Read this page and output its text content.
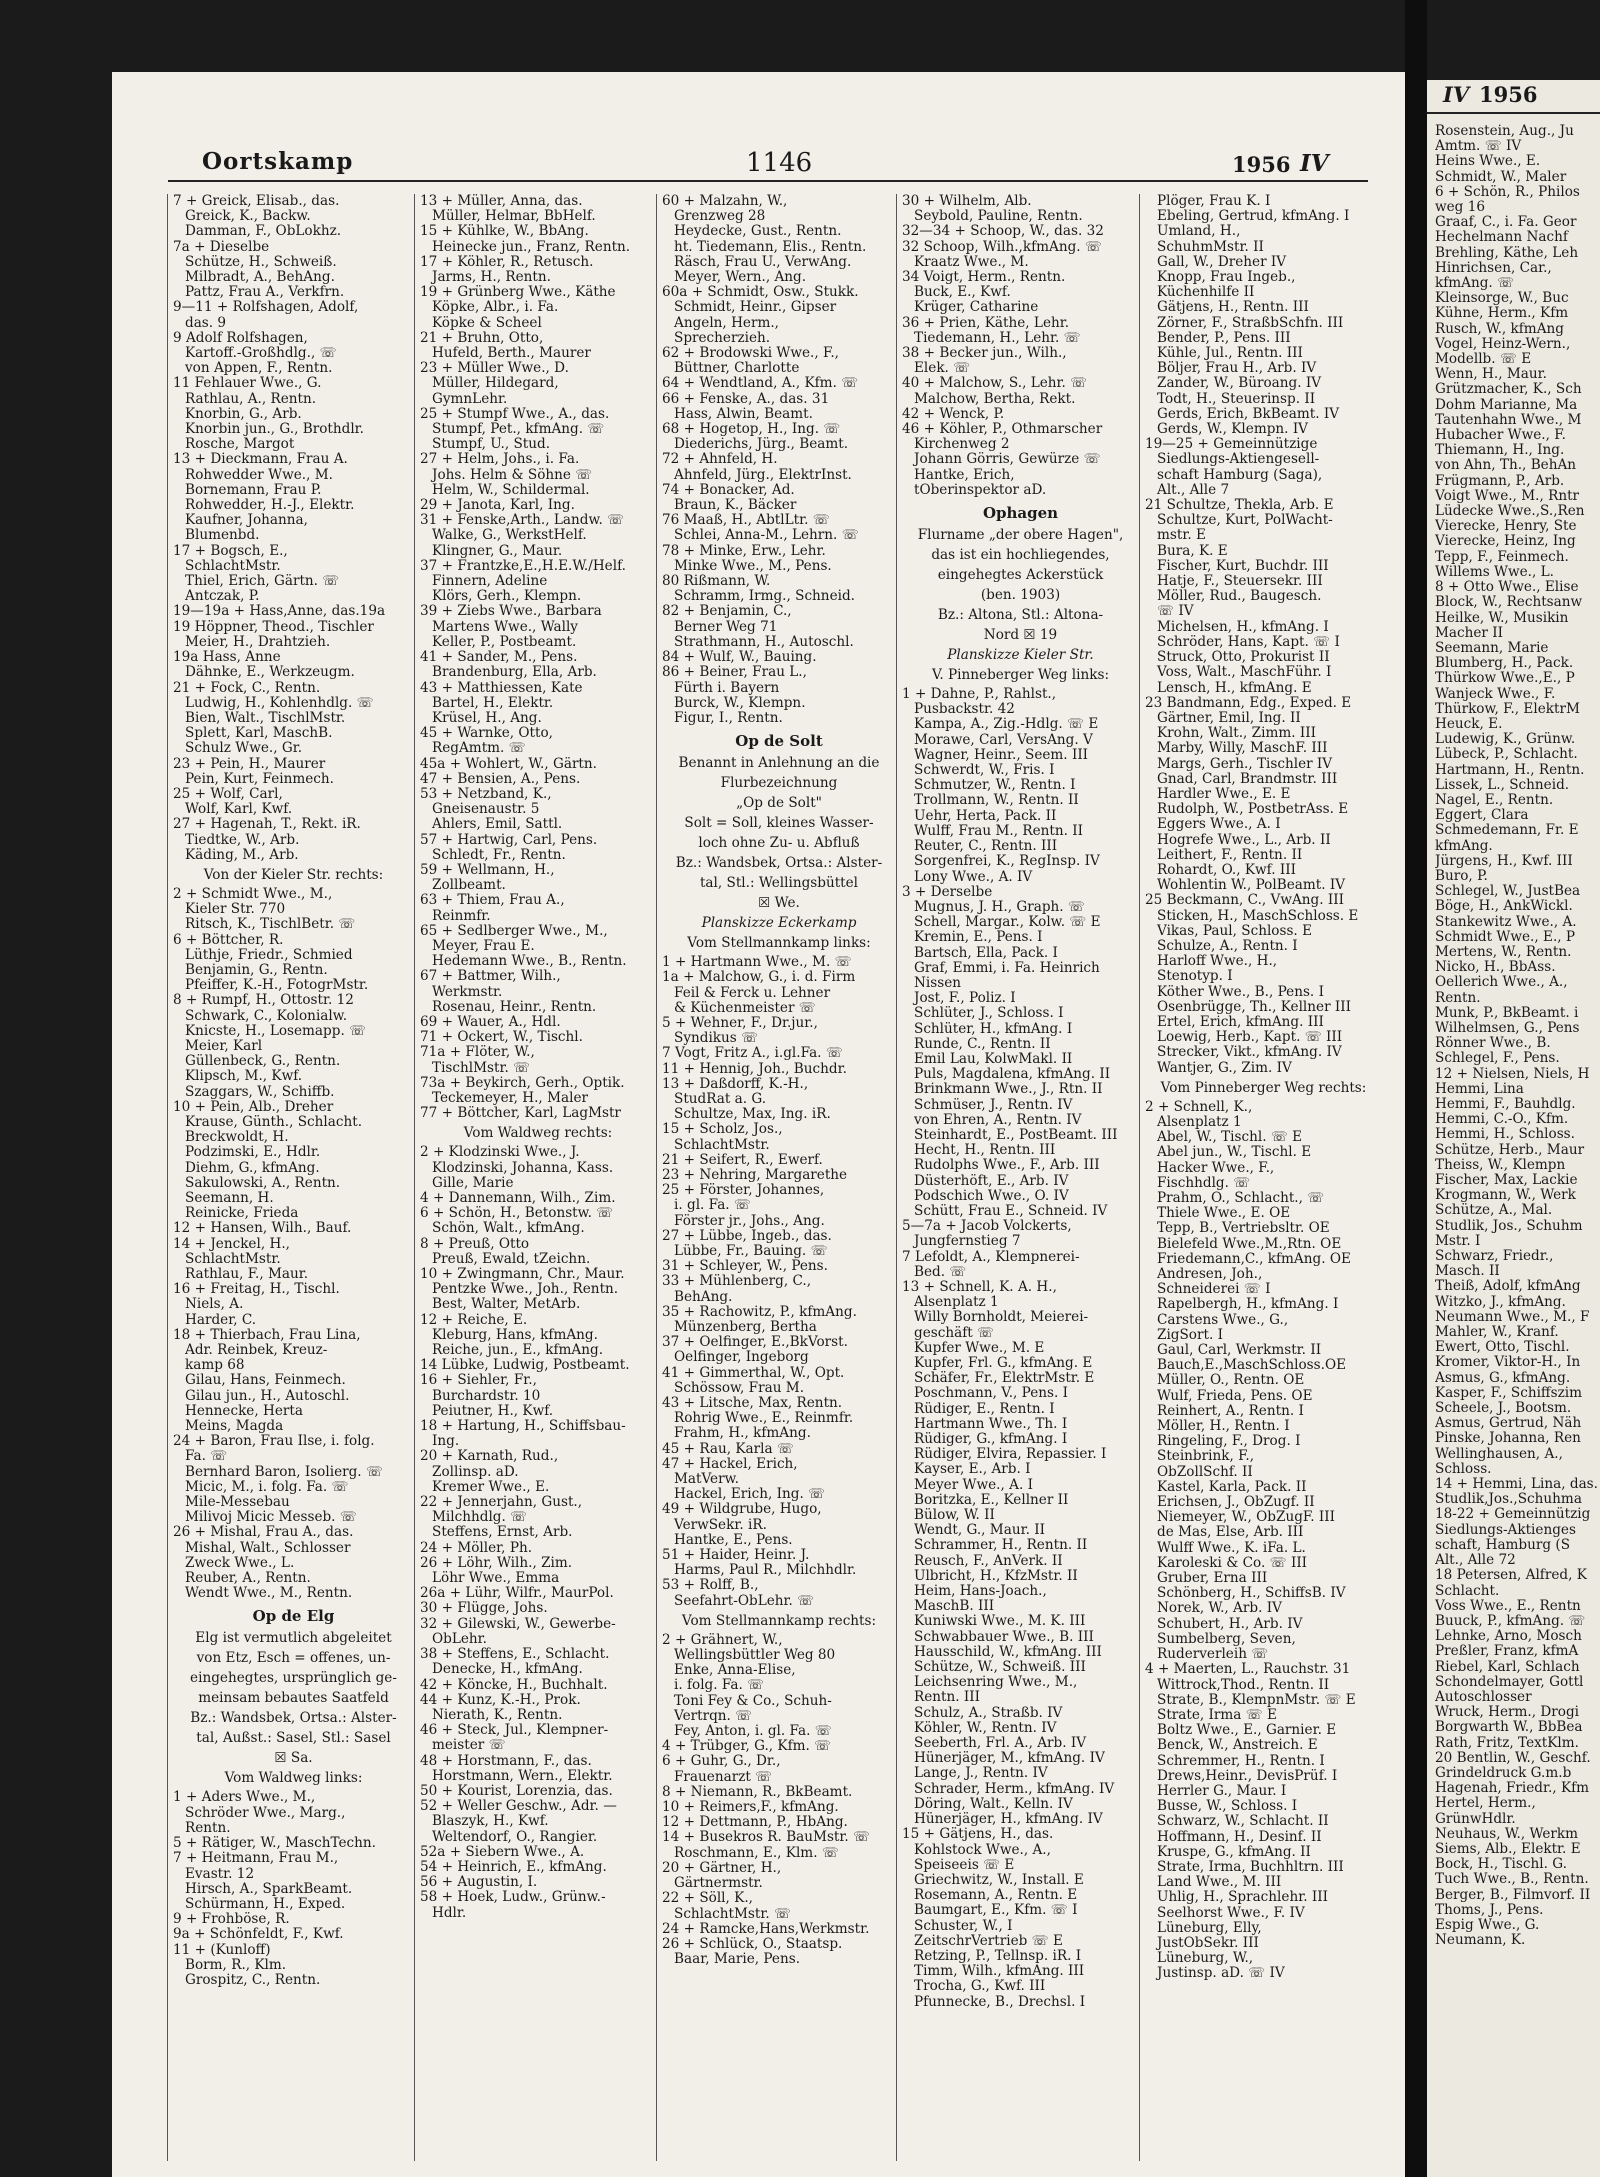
Oortskamp	1146	1956 IV
7 + Greick, Elisab., das.
Greick, K., Backw.
Damman, F., ObLokhz.
7a + Dieselbe
Schütze, H., Schweiß.
Milbradt, A., BehAng.
Pattz, Frau A., Verkfrn.
9—11 + Rolfshagen, Adolf,
das. 9
9 Adolf Rolfshagen,
Kartoff.-Großhdlg., ☏
von Appen, F., Rentn.
11 Fehlauer Wwe., G.
Rathlau, A., Rentn.
Knorbin, G., Arb.
Knorbin jun., G., Brothdlr.
Rosche, Margot
13 + Dieckmann, Frau A.
Rohwedder Wwe., M.
Bornemann, Frau P.
Rohwedder, H.-J., Elektr.
Kaufner, Johanna,
Blumenbd.
17 + Bogsch, E.,
SchlachtMstr.
Thiel, Erich, Gärtn. ☏
Antczak, P.
19—19a + Hass,Anne, das.19a
19 Höppner, Theod., Tischler
Meier, H., Drahtzieh.
19a Hass, Anne
Dähnke, E., Werkzeugm.
21 + Fock, C., Rentn.
Ludwig, H., Kohlenhdlg. ☏
Bien, Walt., TischlMstr.
Splett, Karl, MaschB.
Schulz Wwe., Gr.
23 + Pein, H., Maurer
Pein, Kurt, Feinmech.
25 + Wolf, Carl,
Wolf, Karl, Kwf.
27 + Hagenah, T., Rekt. iR.
Tiedtke, W., Arb.
Käding, M., Arb.
Von der Kieler Str. rechts:
2 + Schmidt Wwe., M.,
Kieler Str. 770
Ritsch, K., TischlBetr. ☏
6 + Böttcher, R.
Lüthje, Friedr., Schmied
Benjamin, G., Rentn.
Pfeiffer, K.-H., FotogrMstr.
8 + Rumpf, H., Ottostr. 12
Schwark, C., Kolonialw.
Knicste, H., Losemapp. ☏
Meier, Karl
Güllenbeck, G., Rentn.
Klipsch, M., Kwf.
Szaggars, W., Schiffb.
10 + Pein, Alb., Dreher
Krause, Günth., Schlacht.
Breckwoldt, H.
Podzimski, E., Hdlr.
Diehm, G., kfmAng.
Sakulowski, A., Rentn.
Seemann, H.
Reinicke, Frieda
12 + Hansen, Wilh., Bauf.
14 + Jenckel, H.,
SchlachtMstr.
Rathlau, F., Maur.
16 + Freitag, H., Tischl.
Niels, A.
Harder, C.
18 + Thierbach, Frau Lina,
Adr. Reinbek, Kreuz-
kamp 68
Gilau, Hans, Feinmech.
Gilau jun., H., Autoschl.
Hennecke, Herta
Meins, Magda
24 + Baron, Frau Ilse, i. folg.
Fa. ☏
Bernhard Baron, Isolierg. ☏
Micic, M., i. folg. Fa. ☏
Mile-Messebau
Milivoj Micic Messeb. ☏
26 + Mishal, Frau A., das.
Mishal, Walt., Schlosser
Zweck Wwe., L.
Reuber, A., Rentn.
Wendt Wwe., M., Rentn.
Op de Elg
Elg ist vermutlich abgeleitet
von Etz, Esch = offenes, un-
eingehegtes, ursprünglich ge-
meinsam bebautes Saatfeld
Bz.: Wandsbek, Ortsa.: Alster-
tal, Außst.: Sasel, Stl.: Sasel
☒ Sa.
Vom Waldweg links:
1 + Aders Wwe., M.,
Schröder Wwe., Marg.,
Rentn.
5 + Rätiger, W., MaschTechn.
7 + Heitmann, Frau M.,
Evastr. 12
Hirsch, A., SparkBeamt.
Schürmann, H., Exped.
9 + Frohböse, R.
9a + Schönfeldt, F., Kwf.
11 + (Kunloff)
Borm, R., Klm.
Grospitz, C., Rentn.
13 + Müller, Anna, das.
Müller, Helmar, BbHelf.
15 + Kühlke, W., BbAng.
Heinecke jun., Franz, Rentn.
17 + Köhler, R., Retusch.
Jarms, H., Rentn.
19 + Grünberg Wwe., Käthe
Köpke, Albr., i. Fa.
Köpke & Scheel
21 + Bruhn, Otto,
Hufeld, Berth., Maurer
23 + Müller Wwe., D.
Müller, Hildegard,
GymnLehr.
25 + Stumpf Wwe., A., das.
Stumpf, Pet., kfmAng. ☏
Stumpf, U., Stud.
27 + Helm, Johs., i. Fa.
Johs. Helm & Söhne ☏
Helm, W., Schildermal.
29 + Janota, Karl, Ing.
31 + Fenske,Arth., Landw. ☏
Walke, G., WerkstHelf.
Klingner, G., Maur.
37 + Frantzke,E.,H.E.W./Helf.
Finnern, Adeline
Klörs, Gerh., Klempn.
39 + Ziebs Wwe., Barbara
Martens Wwe., Wally
Keller, P., Postbeamt.
41 + Sander, M., Pens.
Brandenburg, Ella, Arb.
43 + Matthiessen, Kate
Bartel, H., Elektr.
Krüsel, H., Ang.
45 + Warnke, Otto,
RegAmtm. ☏
45a + Wohlert, W., Gärtn.
47 + Bensien, A., Pens.
53 + Netzband, K.,
Gneisenaustr. 5
Ahlers, Emil, Sattl.
57 + Hartwig, Carl, Pens.
Schledt, Fr., Rentn.
59 + Wellmann, H.,
Zollbeamt.
63 + Thiem, Frau A.,
Reinmfr.
65 + Sedlberger Wwe., M.,
Meyer, Frau E.
Hedemann Wwe., B., Rentn.
67 + Battmer, Wilh.,
Werkmstr.
Rosenau, Heinr., Rentn.
69 + Wauer, A., Hdl.
71 + Ockert, W., Tischl.
71a + Flöter, W.,
TischlMstr. ☏
73a + Beykirch, Gerh., Optik.
Teckemeyer, H., Maler
77 + Böttcher, Karl, LagMstr
Vom Waldweg rechts:
2 + Klodzinski Wwe., J.
Klodzinski, Johanna, Kass.
Gille, Marie
4 + Dannemann, Wilh., Zim.
6 + Schön, H., Betonstw. ☏
Schön, Walt., kfmAng.
8 + Preuß, Otto
Preuß, Ewald, tZeichn.
10 + Zwingmann, Chr., Maur.
Pentzke Wwe., Joh., Rentn.
Best, Walter, MetArb.
12 + Reiche, E.
Kleburg, Hans, kfmAng.
Reiche, jun., E., kfmAng.
14 Lübke, Ludwig, Postbeamt.
16 + Siehler, Fr.,
Burchardstr. 10
Peiutner, H., Kwf.
18 + Hartung, H., Schiffsbau-
Ing.
20 + Karnath, Rud.,
Zollinsp. aD.
Kremer Wwe., E.
22 + Jennerjahn, Gust.,
Milchhdlg. ☏
Steffens, Ernst, Arb.
24 + Möller, Ph.
26 + Löhr, Wilh., Zim.
Löhr Wwe., Emma
26a + Lühr, Wilfr., MaurPol.
30 + Flügge, Johs.
32 + Gilewski, W., Gewerbe-
ObLehr.
38 + Steffens, E., Schlacht.
Denecke, H., kfmAng.
42 + Köncke, H., Buchhalt.
44 + Kunz, K.-H., Prok.
Nierath, K., Rentn.
46 + Steck, Jul., Klempner-
meister ☏
48 + Horstmann, F., das.
Horstmann, Wern., Elektr.
50 + Kourist, Lorenzia, das.
52 + Weller Geschw., Adr. —
Blaszyk, H., Kwf.
Weltendorf, O., Rangier.
52a + Siebern Wwe., A.
54 + Heinrich, E., kfmAng.
56 + Augustin, I.
58 + Hoek, Ludw., Grünw.-
Hdlr.
60 + Malzahn, W.,
Grenzweg 28
Heydecke, Gust., Rentn.
ht. Tiedemann, Elis., Rentn.
Räsch, Frau U., VerwAng.
Meyer, Wern., Ang.
60a + Schmidt, Osw., Stukk.
Schmidt, Heinr., Gipser
Angeln, Herm.,
Sprecherzieh.
62 + Brodowski Wwe., F.,
Büttner, Charlotte
64 + Wendtland, A., Kfm. ☏
66 + Fenske, A., das. 31
Hass, Alwin, Beamt.
68 + Hogetop, H., Ing. ☏
Diederichs, Jürg., Beamt.
72 + Ahnfeld, H.
Ahnfeld, Jürg., ElektrInst.
74 + Bonacker, Ad.
Braun, K., Bäcker
76 Maaß, H., AbtlLtr. ☏
Schlei, Anna-M., Lehrn. ☏
78 + Minke, Erw., Lehr.
Minke Wwe., M., Pens.
80 Rißmann, W.
Schramm, Irmg., Schneid.
82 + Benjamin, C.,
Berner Weg 71
Strathmann, H., Autoschl.
84 + Wulf, W., Bauing.
86 + Beiner, Frau L.,
Fürth i. Bayern
Burck, W., Klempn.
Figur, I., Rentn.
Op de Solt
Benannt in Anlehnung an die
Flurbezeichnung
„Op de Solt"
Solt = Soll, kleines Wasser-
loch ohne Zu- u. Abfluß
Bz.: Wandsbek, Ortsa.: Alster-
tal, Stl.: Wellingsbüttel
☒ We.
Planskizze Eckerkamp
Vom Stellmannkamp links:
1 + Hartmann Wwe., M. ☏
1a + Malchow, G., i. d. Firm
Feil & Ferck u. Lehner
& Küchenmeister ☏
5 + Wehner, F., Dr.jur.,
Syndikus ☏
7 Vogt, Fritz A., i.gl.Fa. ☏
11 + Hennig, Joh., Buchdr.
13 + Daßdorff, K.-H.,
StudRat a. G.
Schultze, Max, Ing. iR.
15 + Scholz, Jos.,
SchlachtMstr.
21 + Seifert, R., Ewerf.
23 + Nehring, Margarethe
25 + Förster, Johannes,
i. gl. Fa. ☏
Förster jr., Johs., Ang.
27 + Lübbe, Ingeb., das.
Lübbe, Fr., Bauing. ☏
31 + Schleyer, W., Pens.
33 + Mühlenberg, C.,
BehAng.
35 + Rachowitz, P., kfmAng.
Münzenberg, Bertha
37 + Oelfinger, E.,BkVorst.
Oelfinger, Ingeborg
41 + Gimmerthal, W., Opt.
Schössow, Frau M.
43 + Litsche, Max, Rentn.
Rohrig Wwe., E., Reinmfr.
Frahm, H., kfmAng.
45 + Rau, Karla ☏
47 + Hackel, Erich,
MatVerw.
Hackel, Erich, Ing. ☏
49 + Wildgrube, Hugo,
VerwSekr. iR.
Hantke, E., Pens.
51 + Haider, Heinr. J.
Harms, Paul R., Milchhdlr.
53 + Rolff, B.,
Seefahrt-ObLehr. ☏
Vom Stellmannkamp rechts:
2 + Grähnert, W.,
Wellingsbüttler Weg 80
Enke, Anna-Elise,
i. folg. Fa. ☏
Toni Fey & Co., Schuh-
Vertrqn. ☏
Fey, Anton, i. gl. Fa. ☏
4 + Trübger, G., Kfm. ☏
6 + Guhr, G., Dr.,
Frauenarzt ☏
8 + Niemann, R., BkBeamt.
10 + Reimers,F., kfmAng.
12 + Dettmann, P., HbAng.
14 + Busekros R. BauMstr. ☏
Roschmann, E., Klm. ☏
20 + Gärtner, H.,
Gärtnermstr.
22 + Söll, K.,
SchlachtMstr. ☏
24 + Ramcke,Hans,Werkmstr.
26 + Schlück, O., Staatsp.
Baar, Marie, Pens.
30 + Wilhelm, Alb.
Seybold, Pauline, Rentn.
32—34 + Schoop, W., das. 32
32 Schoop, Wilh.,kfmAng. ☏
Kraatz Wwe., M.
34 Voigt, Herm., Rentn.
Buck, E., Kwf.
Krüger, Catharine
36 + Prien, Käthe, Lehr.
Tiedemann, H., Lehr. ☏
38 + Becker jun., Wilh.,
Elek. ☏
40 + Malchow, S., Lehr. ☏
Malchow, Bertha, Rekt.
42 + Wenck, P.
46 + Köhler, P., Othmarscher
Kirchenweg 2
Johann Görris, Gewürze ☏
Hantke, Erich,
tOberinspektor aD.
Ophagen
Flurname „der obere Hagen",
das ist ein hochliegendes,
eingehegtes Ackerstück
(ben. 1903)
Bz.: Altona, Stl.: Altona-
Nord ☒ 19
Planskizze Kieler Str.
V. Pinneberger Weg links:
1 + Dahne, P., Rahlst.,
Pusbackstr. 42
Kampa, A., Zig.-Hdlg. ☏ E
Morawe, Carl, VersAng. V
Wagner, Heinr., Seem. III
Schwerdt, W., Fris. I
Schmutzer, W., Rentn. I
Trollmann, W., Rentn. II
Uehr, Herta, Pack. II
Wulff, Frau M., Rentn. II
Reuter, C., Rentn. III
Sorgenfrei, K., RegInsp. IV
Lony Wwe., A. IV
3 + Derselbe
Mugnus, J. H., Graph. ☏
Schell, Margar., Kolw. ☏ E
Kremin, E., Pens. I
Bartsch, Ella, Pack. I
Graf, Emmi, i. Fa. Heinrich
Nissen
Jost, F., Poliz. I
Schlüter, J., Schloss. I
Schlüter, H., kfmAng. I
Runde, C., Rentn. II
Emil Lau, KolwMakl. II
Puls, Magdalena, kfmAng. II
Brinkmann Wwe., J., Rtn. II
Schmüser, J., Rentn. IV
von Ehren, A., Rentn. IV
Steinhardt, E., PostBeamt. III
Hecht, H., Rentn. III
Rudolphs Wwe., F., Arb. III
Düsterhöft, E., Arb. IV
Podschich Wwe., O. IV
Schütt, Frau E., Schneid. IV
5—7a + Jacob Volckerts,
Jungfernstieg 7
7 Lefoldt, A., Klempnerei-
Bed. ☏
13 + Schnell, K. A. H.,
Alsenplatz 1
Willy Bornholdt, Meierei-
geschäft ☏
Kupfer Wwe., M. E
Kupfer, Frl. G., kfmAng. E
Schäfer, Fr., ElektrMstr. E
Poschmann, V., Pens. I
Rüdiger, E., Rentn. I
Hartmann Wwe., Th. I
Rüdiger, G., kfmAng. I
Rüdiger, Elvira, Repassier. I
Kayser, E., Arb. I
Meyer Wwe., A. I
Boritzka, E., Kellner II
Bülow, W. II
Wendt, G., Maur. II
Schrammer, H., Rentn. II
Reusch, F., AnVerk. II
Ulbricht, H., KfzMstr. II
Heim, Hans-Joach.,
MaschB. III
Kuniwski Wwe., M. K. III
Schwabbauer Wwe., B. III
Hausschild, W., kfmAng. III
Schütze, W., Schweiß. III
Leichsenring Wwe., M.,
Rentn. III
Schulz, A., Straßb. IV
Köhler, W., Rentn. IV
Seeberth, Frl. A., Arb. IV
Hünerjäger, M., kfmAng. IV
Lange, J., Rentn. IV
Schrader, Herm., kfmAng. IV
Döring, Walt., Kelln. IV
Hünerjäger, H., kfmAng. IV
15 + Gätjens, H., das.
Kohlstock Wwe., A.,
Speiseeis ☏ E
Griechwitz, W., Install. E
Rosemann, A., Rentn. E
Baumgart, E., Kfm. ☏ I
Schuster, W., I
ZeitschrVertrieb ☏ E
Retzing, P., Tellnsp. iR. I
Timm, Wilh., kfmAng. III
Trocha, G., Kwf. III
Pfunnecke, B., Drechsl. I
Plöger, Frau K. I
Ebeling, Gertrud, kfmAng. I
Umland, H.,
SchuhmMstr. II
Gall, W., Dreher IV
Knopp, Frau Ingeb.,
Küchenhilfe II
Gätjens, H., Rentn. III
Zörner, F., StraßbSchfn. III
Bender, P., Pens. III
Kühle, Jul., Rentn. III
Böljer, Frau H., Arb. IV
Zander, W., Büroang. IV
Todt, H., Steuerinsp. II
Gerds, Erich, BkBeamt. IV
Gerds, W., Klempn. IV
19—25 + Gemeinnützige
Siedlungs-Aktiengesell-
schaft Hamburg (Saga),
Alt., Alle 7
21 Schultze, Theklа, Arb. E
Schultze, Kurt, PolWacht-
mstr. E
Bura, K. E
Fischer, Kurt, Buchdr. III
Hatje, F., Steuersekr. III
Möller, Rud., Baugesch.
☏ IV
Michelsen, H., kfmAng. I
Schröder, Hans, Kapt. ☏ I
Struck, Otto, Prokurist II
Voss, Walt., MaschFühr. I
Lensch, H., kfmAng. E
23 Bandmann, Edg., Exped. E
Gärtner, Emil, Ing. II
Krohn, Walt., Zimm. III
Marby, Willy, MaschF. III
Margs, Gerh., Tischler IV
Gnad, Carl, Brandmstr. III
Hardler Wwe., E. E
Rudolph, W., PostbetrAss. E
Eggers Wwe., A. I
Hogrefe Wwe., L., Arb. II
Leithert, F., Rentn. II
Rohardt, O., Kwf. III
Wohlentin W., PolBeamt. IV
25 Beckmann, C., VwAng. III
Sticken, H., MaschSchloss. E
Vikas, Paul, Schloss. E
Schulze, A., Rentn. I
Harloff Wwe., H.,
Stenotyp. I
Köther Wwe., B., Pens. I
Osenbrügge, Th., Kellner III
Ertel, Erich, kfmAng. III
Loewig, Herb., Kapt. ☏ III
Strecker, Vikt., kfmAng. IV
Wantjer, G., Zim. IV
Vom Pinneberger Weg rechts:
2 + Schnell, K.,
Alsenplatz 1
Abel, W., Tischl. ☏ E
Abel jun., W., Tischl. E
Hacker Wwe., F.,
Fischhdlg. ☏
Prahm, O., Schlacht., ☏
Thiele Wwe., E. OE
Tepp, B., Vertriebsltr. OE
Bielefeld Wwe.,M.,Rtn. OE
Friedemann,C., kfmAng. OE
Andresen, Joh.,
Schneiderei ☏ I
Rapelbergh, H., kfmAng. I
Carstens Wwe., G.,
ZigSort. I
Gaul, Carl, Werkmstr. II
Bauch,E.,MaschSchloss.OE
Müller, O., Rentn. OE
Wulf, Frieda, Pens. OE
Reinhert, A., Rentn. I
Möller, H., Rentn. I
Ringeling, F., Drog. I
Steinbrink, F.,
ObZollSchf. II
Kastel, Karla, Pack. II
Erichsen, J., ObZugf. II
Niemeyer, W., ObZugF. III
de Mas, Else, Arb. III
Wulff Wwe., K. iFa. L.
Karoleski & Co. ☏ III
Gruber, Erna III
Schönberg, H., SchiffsB. IV
Norek, W., Arb. IV
Schubert, H., Arb. IV
Sumbelberg, Seven,
Ruderverleih ☏
4 + Maerten, L., Rauchstr. 31
Wittrock,Thod., Rentn. II
Strate, B., KlempnMstr. ☏ E
Strate, Irma ☏ E
Boltz Wwe., E., Garnier. E
Benck, W., Anstreich. E
Schremmer, H., Rentn. I
Drews,Heinr., DevisPrüf. I
Herrler G., Maur. I
Busse, W., Schloss. I
Schwarz, W., Schlacht. II
Hoffmann, H., Desinf. II
Kruspe, G., kfmAng. II
Strate, Irma, Buchhltrn. III
Land Wwe., M. III
Uhlig, H., Sprachlehr. III
Seelhorst Wwe., F. IV
Lüneburg, Elly,
JustObSekr. III
Lüneburg, W.,
Justinsp. aD. ☏ IV
IV 1956
Rosenstein, Aug., Ju
Amtm. ☏ IV
Heins Wwe., E.
Schmidt, W., Maler
6 + Schön, R., Philos
weg 16
Graaf, C., i. Fa. Geor
Hechelmann Nachf
Brehling, Käthe, Leh
Hinrichsen, Car.,
kfmAng. ☏
Kleinsorge, W., Buc
Kühne, Herm., Kfm
Rusch, W., kfmAng
Vogel, Heinz-Wern.,
Modellb. ☏ E
Wenn, H., Maur.
Grützmacher, K., Sch
Dohm Marianne, Ma
Tautenhahn Wwe., M
Hubacher Wwe., F.
Thiemann, H., Ing.
von Ahn, Th., BehAn
Frügmann, P., Arb.
Voigt Wwe., M., Rntr
Lüdecke Wwe.,S.,Ren
Vierecke, Henry, Ste
Vierecke, Heinz, Ing
Tepp, F., Feinmech.
Willems Wwe., L.
8 + Otto Wwe., Elise
Block, W., Rechtsanw
Heilke, W., Musikin
Macher II
Seemann, Marie
Blumberg, H., Pack.
Thürkow Wwe.,E., P
Wanjeck Wwe., F.
Thürkow, F., ElektrM
Heuck, E.
Ludewig, K., Grünw.
Lübeck, P., Schlacht.
Hartmann, H., Rentn.
Lissek, L., Schneid.
Nagel, E., Rentn.
Eggert, Clara
Schmedemann, Fr. E
kfmAng.
Jürgens, H., Kwf. III
Buro, P.
Schlegel, W., JustBea
Böge, H., AnkWickl.
Stankewitz Wwe., A.
Schmidt Wwe., E., P
Mertens, W., Rentn.
Nicko, H., BbAss.
Oellerich Wwe., A.,
Rentn.
Munk, P., BkBeamt. i
Wilhelmsen, G., Pens
Rönner Wwe., B.
Schlegel, F., Pens.
12 + Nielsen, Niels, H
Hemmi, Lina
Hemmi, F., Bauhdlg.
Hemmi, C.-O., Kfm.
Hemmi, H., Schloss.
Schütze, Herb., Maur
Theiss, W., Klempn
Fischer, Max, Lackie
Krogmann, W., Werk
Schütze, A., Mal.
Studlik, Jos., Schuhm
Mstr. I
Schwarz, Friedr.,
Masch. II
Theiß, Adolf, kfmAng
Witzko, J., kfmAng.
Neumann Wwe., M., F
Mahler, W., Kranf.
Ewert, Otto, Tischl.
Kromer, Viktor-H., In
Asmus, G., kfmAng.
Kasper, F., Schiffszim
Scheele, J., Bootsm.
Asmus, Gertrud, Näh
Pinske, Johanna, Ren
Wellinghausen, A.,
Schloss.
14 + Hemmi, Lina, das.
Studlik,Jos.,Schuhma
18-22 + Gemeinnützig
Siedlungs-Aktienges
schaft, Hamburg (S
Alt., Alle 72
18 Petersen, Alfred, K
Schlacht.
Voss Wwe., E., Rentn
Buuck, P., kfmAng. ☏
Lehnke, Arno, Mosch
Preßler, Franz, kfmA
Riebel, Karl, Schlach
Schondelmayer, Gottl
Autoschlosser
Wruck, Herm., Drogi
Borgwarth W., BbBea
Rath, Fritz, TextKlm.
20 Bentlin, W., Geschf.
Grindeldruck G.m.b
Hagenah, Friedr., Kfm
Hertel, Herm.,
GrünwHdlr.
Neuhaus, W., Werkm
Siems, Alb., Elektr. E
Bock, H., Tischl. G.
Tuch Wwe., B., Rentn.
Berger, B., Filmvorf. II
Thoms, J., Pens.
Espig Wwe., G.
Neumann, K.
